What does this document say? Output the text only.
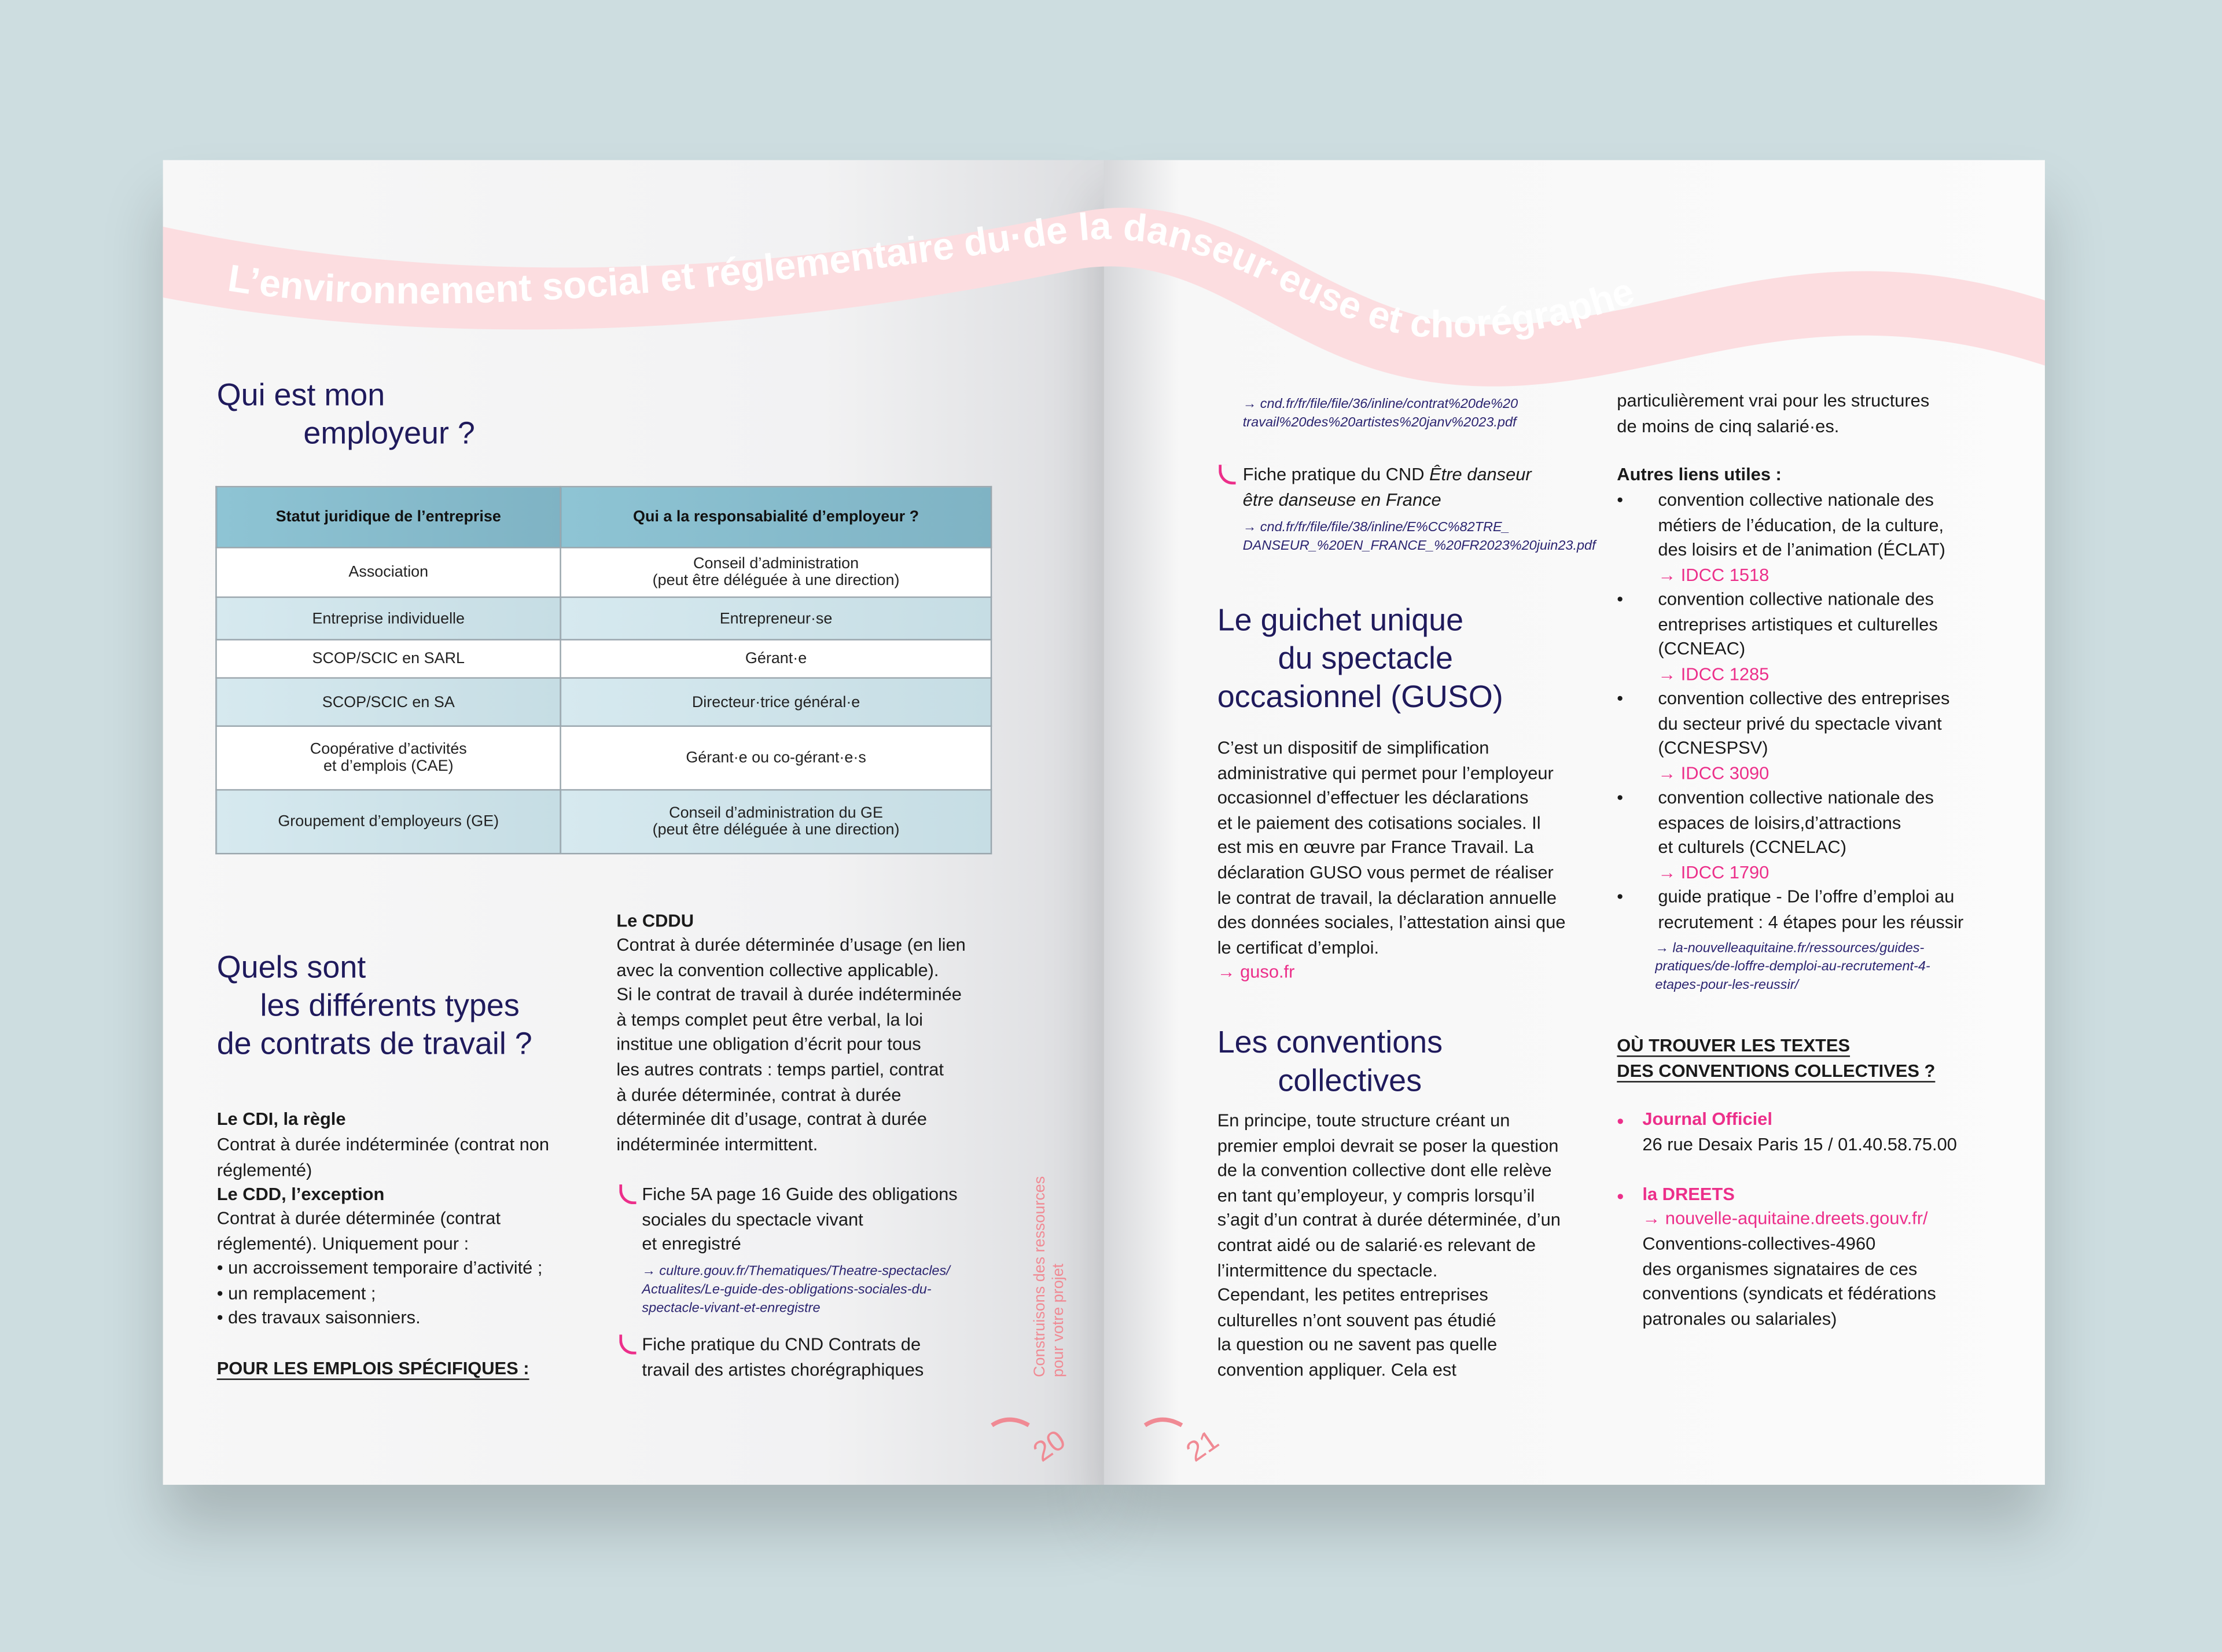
L’environnement social et réglementaire du·de la danseur·euse et chorégraphe
Qui est mon
employeur ?
Statut juridique de l’entreprise	Qui a la responsabialité d’employeur ?
Association	Conseil d’administration
(peut être déléguée à une direction)
Entreprise individuelle	Entrepreneur·se
SCOP/SCIC en SARL	Gérant·e
SCOP/SCIC en SA	Directeur·trice général·e
Coopérative d’activités
et d’emplois (CAE)	Gérant·e ou co-gérant·e·s
Groupement d’employeurs (GE)	Conseil d’administration du GE
(peut être déléguée à une direction)
Quels sont
les différents types
de contrats de travail ?
Le CDI, la règle
Contrat à durée indéterminée (contrat non
réglementé)
Le CDD, l’exception
Contrat à durée déterminée (contrat
réglementé). Uniquement pour :
• un accroissement temporaire d’activité ;
• un remplacement ;
• des travaux saisonniers.
POUR LES EMPLOIS SPÉCIFIQUES :
Le CDDU
Contrat à durée déterminée d’usage (en lien
avec la convention collective applicable).
Si le contrat de travail à durée indéterminée
à temps complet peut être verbal, la loi
institue une obligation d’écrit pour tous
les autres contrats : temps partiel, contrat
à durée déterminée, contrat à durée
déterminée dit d’usage, contrat à durée
indéterminée intermittent.
Fiche 5A page 16 Guide des obligations
sociales du spectacle vivant
et enregistré
→ culture.gouv.fr/Thematiques/Theatre-spectacles/
Actualites/Le-guide-des-obligations-sociales-du-
spectacle-vivant-et-enregistre
Fiche pratique du CND Contrats de
travail des artistes chorégraphiques	Construisons des ressources
pour votre projet
20
→ cnd.fr/fr/file/file/36/inline/contrat%20de%20
travail%20des%20artistes%20janv%2023.pdf
Fiche pratique du CND Être danseur
être danseuse en France
→ cnd.fr/fr/file/file/38/inline/E%CC%82TRE_
DANSEUR_%20EN_FRANCE_%20FR2023%20juin23.pdf
Le guichet unique
du spectacle
occasionnel (GUSO)
C’est un dispositif de simplification
administrative qui permet pour l’employeur
occasionnel d’effectuer les déclarations
et le paiement des cotisations sociales. Il
est mis en œuvre par France Travail. La
déclaration GUSO vous permet de réaliser
le contrat de travail, la déclaration annuelle
des données sociales, l’attestation ainsi que
le certificat d’emploi.
→ guso.fr
Les conventions
collectives
En principe, toute structure créant un
premier emploi devrait se poser la question
de la convention collective dont elle relève
en tant qu’employeur, y compris lorsqu’il
s’agit d’un contrat à durée déterminée, d’un
contrat aidé ou de salarié·es relevant de
l’intermittence du spectacle.
Cependant, les petites entreprises
culturelles n’ont souvent pas étudié
la question ou ne savent pas quelle
convention appliquer. Cela est
particulièrement vrai pour les structures
de moins de cinq salarié·es.
Autres liens utiles :
•	convention collective nationale des
métiers de l’éducation, de la culture,
des loisirs et de l’animation (ÉCLAT)
→ IDCC 1518
•	convention collective nationale des
entreprises artistiques et culturelles
(CCNEAC)
→ IDCC 1285
•	convention collective des entreprises
du secteur privé du spectacle vivant
(CCNESPSV)
→ IDCC 3090
•	convention collective nationale des
espaces de loisirs,d’attractions
et culturels (CCNELAC)
→ IDCC 1790
•	guide pratique - De l’offre d’emploi au
recrutement : 4 étapes pour les réussir
→ la-nouvelleaquitaine.fr/ressources/guides-
pratiques/de-loffre-demploi-au-recrutement-4-
etapes-pour-les-reussir/
OÙ TROUVER LES TEXTES
DES CONVENTIONS COLLECTIVES ?
•	Journal Officiel
26 rue Desaix Paris 15 / 01.40.58.75.00
•	la DREETS
→ nouvelle-aquitaine.dreets.gouv.fr/
Conventions-collectives-4960
des organismes signataires de ces
conventions (syndicats et fédérations
patronales ou salariales)
21
